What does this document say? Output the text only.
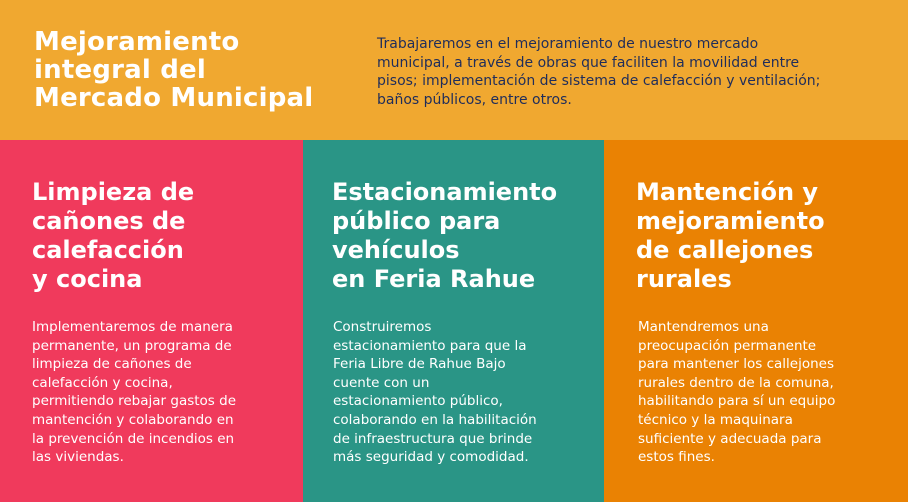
Mejoramiento
integral del
Mercado Municipal

Trabajaremos en el mejoramiento de nuestro mercado
municipal, a través de obras que faciliten la movilidad entre
pisos; implementación de sistema de calefacción y ventilación;
baños públicos, entre otros.

Limpieza de
cañones de
calefacción
y cocina

Implementaremos de manera
permanente, un programa de
limpieza de cañones de
calefacción y cocina,
permitiendo rebajar gastos de
mantención y colaborando en
la prevención de incendios en
las viviendas.

Estacionamiento
público para
vehículos
en Feria Rahue

Construiremos
estacionamiento para que la
Feria Libre de Rahue Bajo
cuente con un
estacionamiento público,
colaborando en la habilitación
de infraestructura que brinde
más seguridad y comodidad.

Mantención y
mejoramiento
de callejones
rurales

Mantendremos una
preocupación permanente
para mantener los callejones
rurales dentro de la comuna,
habilitando para sí un equipo
técnico y la maquinara
suficiente y adecuada para
estos fines.
